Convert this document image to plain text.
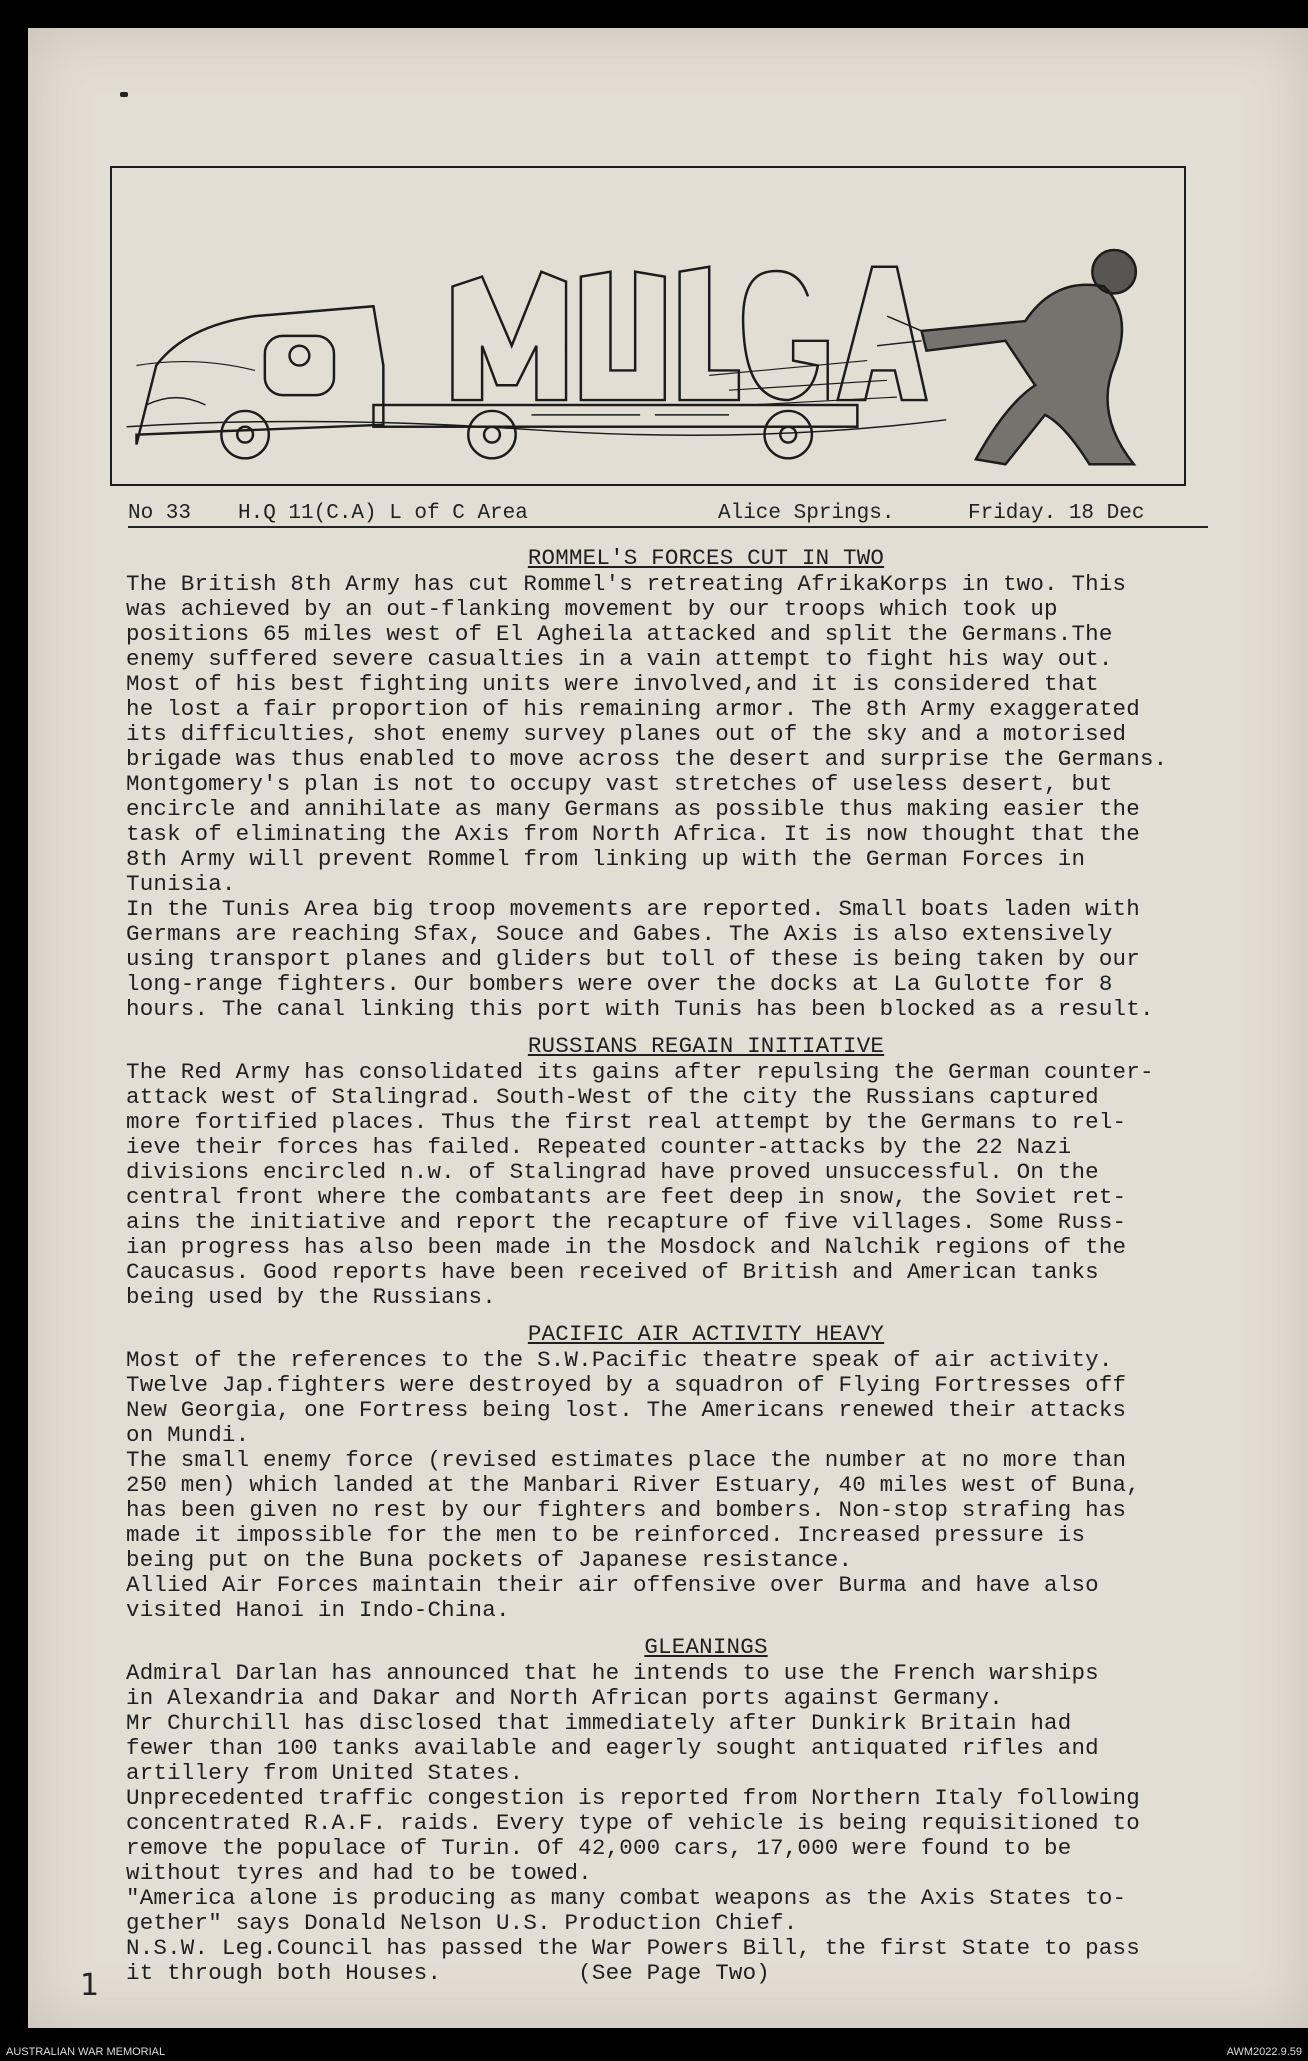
MULGA

No 33

H.Q 11(C.A) L of C Area

	Alice Springs.

	Friday. 18 Dec

ROMMEL'S FORCES CUT IN TWO
The British 8th Army has cut Rommel's retreating AfrikaKorps in two. This
was achieved by an out-flanking movement by our troops which took up
positions 65 miles west of El Agheila attacked and split the Germans.The
enemy suffered severe casualties in a vain attempt to fight his way out.
Most of his best fighting units were involved,and it is considered that
he lost a fair proportion of his remaining armor. The 8th Army exaggerated
its difficulties, shot enemy survey planes out of the sky and a motorised
brigade was thus enabled to move across the desert and surprise the Germans.
Montgomery's plan is not to occupy vast stretches of useless desert, but
encircle and annihilate as many Germans as possible thus making easier the
task of eliminating the Axis from North Africa. It is now thought that the
8th Army will prevent Rommel from linking up with the German Forces in
Tunisia.
In the Tunis Area big troop movements are reported. Small boats laden with
Germans are reaching Sfax, Souce and Gabes. The Axis is also extensively
using transport planes and gliders but toll of these is being taken by our
long-range fighters. Our bombers were over the docks at La Gulotte for 8
hours. The canal linking this port with Tunis has been blocked as a result.
RUSSIANS REGAIN INITIATIVE
The Red Army has consolidated its gains after repulsing the German counter-
attack west of Stalingrad. South-West of the city the Russians captured
more fortified places. Thus the first real attempt by the Germans to rel-
ieve their forces has failed. Repeated counter-attacks by the 22 Nazi
divisions encircled n.w. of Stalingrad have proved unsuccessful. On the
central front where the combatants are feet deep in snow, the Soviet ret-
ains the initiative and report the recapture of five villages. Some Russ-
ian progress has also been made in the Mosdock and Nalchik regions of the
Caucasus. Good reports have been received of British and American tanks
being used by the Russians.
PACIFIC AIR ACTIVITY HEAVY
Most of the references to the S.W.Pacific theatre speak of air activity.
Twelve Jap.fighters were destroyed by a squadron of Flying Fortresses off
New Georgia, one Fortress being lost. The Americans renewed their attacks
on Mundi.
The small enemy force (revised estimates place the number at no more than
250 men) which landed at the Manbari River Estuary, 40 miles west of Buna,
has been given no rest by our fighters and bombers. Non-stop strafing has
made it impossible for the men to be reinforced. Increased pressure is
being put on the Buna pockets of Japanese resistance.
Allied Air Forces maintain their air offensive over Burma and have also
visited Hanoi in Indo-China.
GLEANINGS
Admiral Darlan has announced that he intends to use the French warships
in Alexandria and Dakar and North African ports against Germany.
Mr Churchill has disclosed that immediately after Dunkirk Britain had
fewer than 100 tanks available and eagerly sought antiquated rifles and
artillery from United States.
Unprecedented traffic congestion is reported from Northern Italy following
concentrated R.A.F. raids. Every type of vehicle is being requisitioned to
remove the populace of Turin. Of 42,000 cars, 17,000 were found to be
without tyres and had to be towed.
"America alone is producing as many combat weapons as the Axis States to-
gether" says Donald Nelson U.S. Production Chief.
N.S.W. Leg.Council has passed the War Powers Bill, the first State to pass
it through both Houses.          (See Page Two)
1
AUSTRALIAN WAR MEMORIAL	AWM2022.9.59
